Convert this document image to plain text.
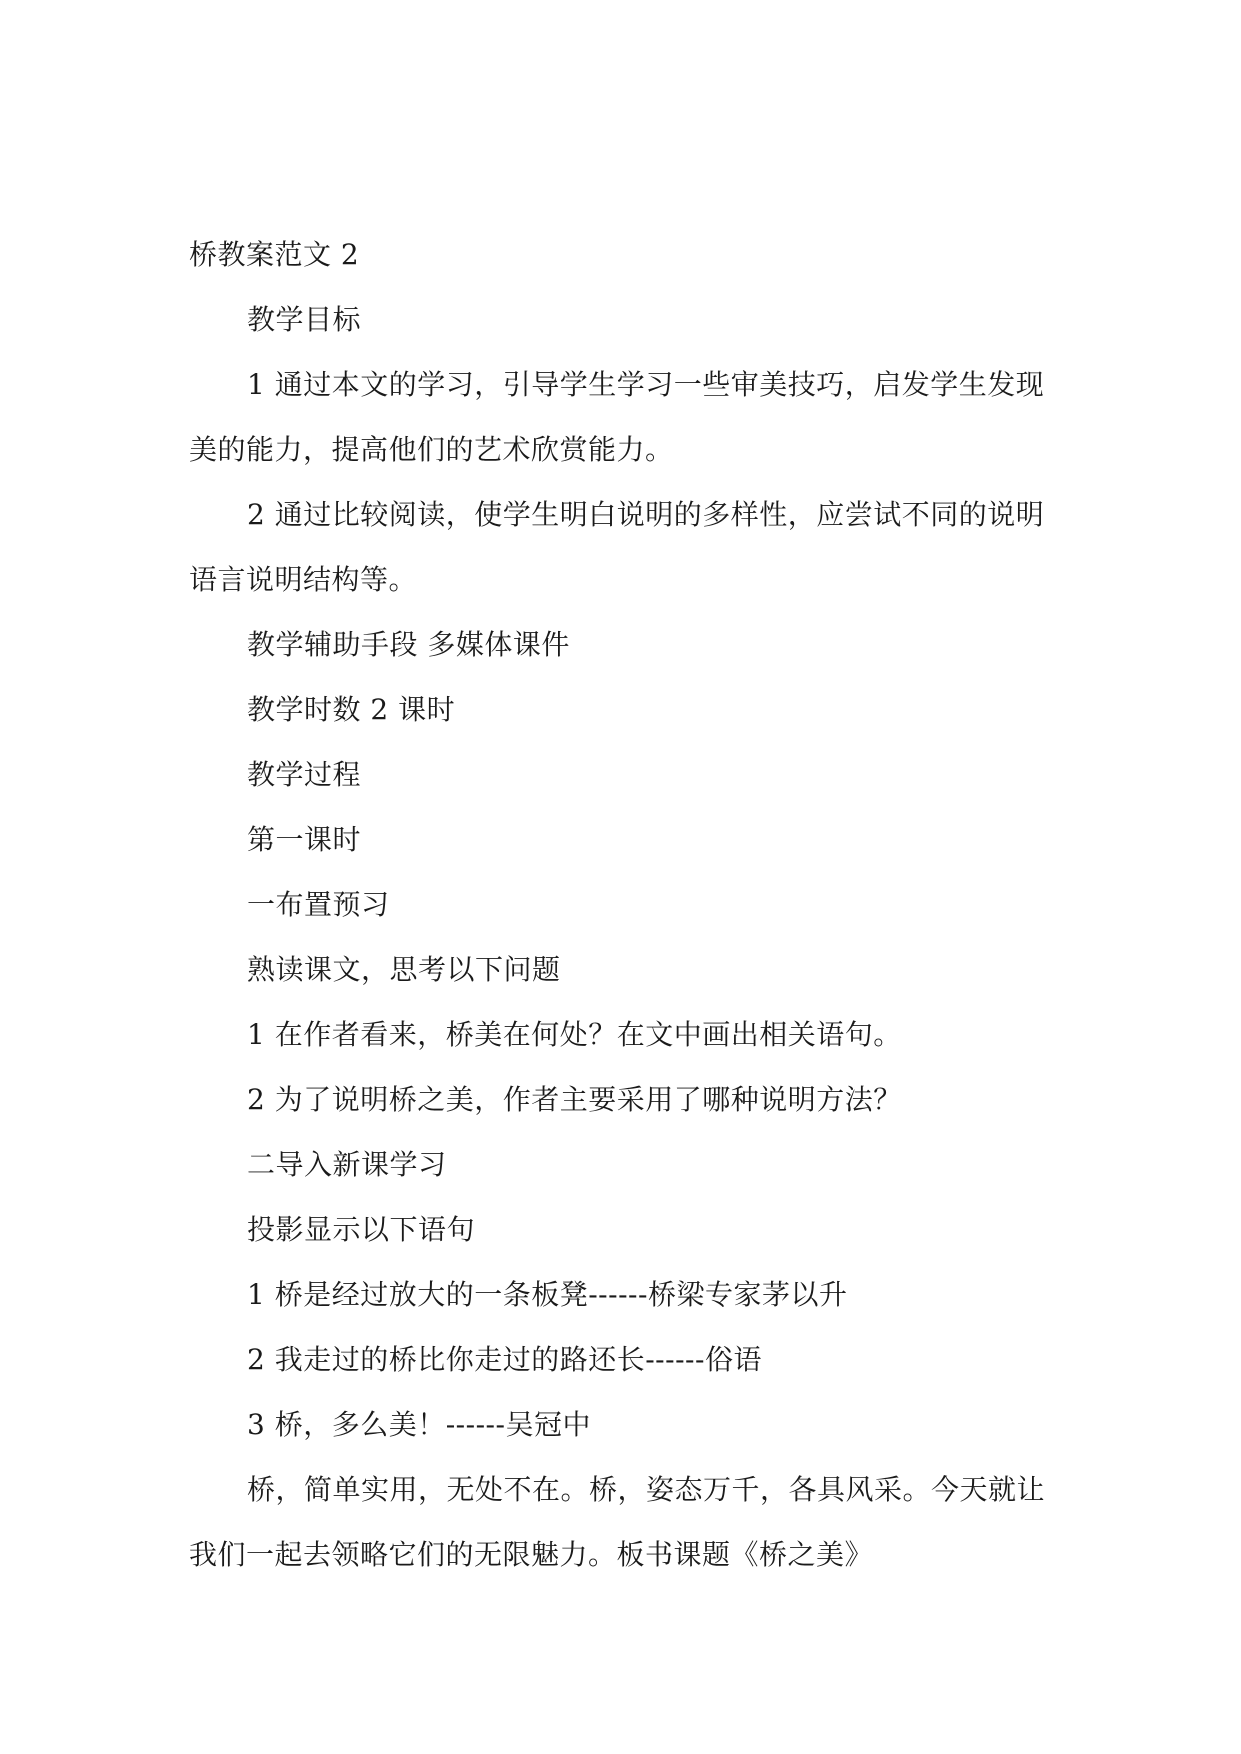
桥教案范文 2
教学目标
1 通过本文的学习，引导学生学习一些审美技巧，启发学生发现美的能力，提高他们的艺术欣赏能力。
2 通过比较阅读，使学生明白说明的多样性，应尝试不同的说明语言说明结构等。
教学辅助手段 多媒体课件
教学时数 2 课时
教学过程
第一课时
一布置预习
熟读课文，思考以下问题
1 在作者看来，桥美在何处？在文中画出相关语句。
2 为了说明桥之美，作者主要采用了哪种说明方法？
二导入新课学习
投影显示以下语句
1 桥是经过放大的一条板凳------桥梁专家茅以升
2 我走过的桥比你走过的路还长------俗语
3 桥，多么美！------吴冠中
桥，简单实用，无处不在。桥，姿态万千，各具风采。今天就让我们一起去领略它们的无限魅力。板书课题《桥之美》
